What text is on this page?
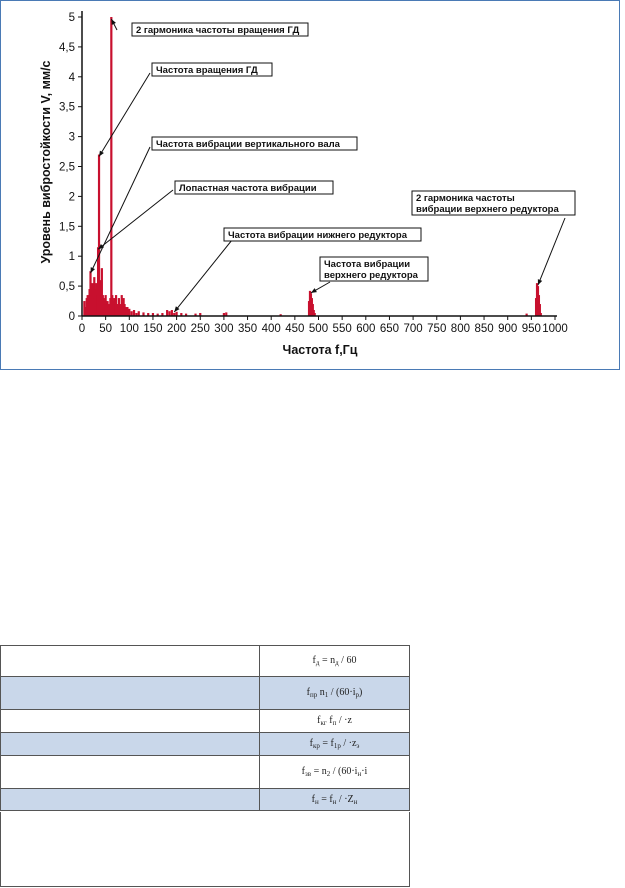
0
0,5
1
1,5
2
2,5
3
3,5
4
4,5
5
0 50 100 150 200 250 300 350 400 450 500 550 600 650 700 750 800 850 900 950 1000
2 гармоника частоты вращения ГД
Частота вращения ГД
Частота вибрации вертикального вала
Лопастная частота вибрации
Частота вибрации нижнего редуктора
Частота вибрации
верхнего редуктора
2 гармоника частоты
вибрации верхнего редуктора
Частота f,Гц
Уровень вибростойкости V, мм/с
	$f_д = n_д / 60$
	$f_{пр}$ $n_1 / (60\cdot i_р)$
	$f_{кг}$ $f_п / \cdot z$
	$f_{кр} = f_{1р} / \cdot z_э$
	$f_{зв} = n_2 / (60\cdot i_н\cdot i$
	$f_н = f_н / \cdot Z_н$
